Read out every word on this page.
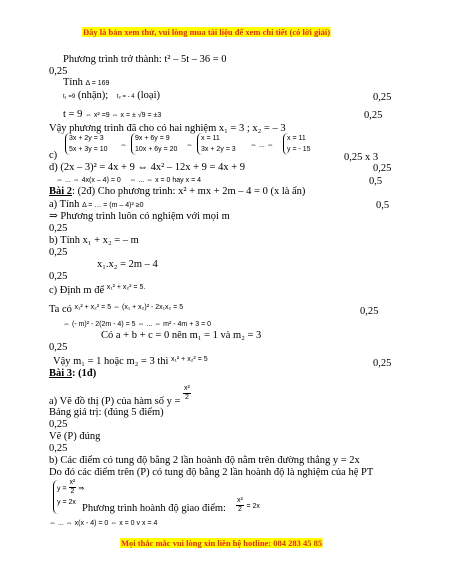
Đây là bản xem thử, vui lòng mua tài liệu để xem chi tiết (có lời giải)
Phương trình trở thành: t² – 5t – 36 = 0
0,25
Tính Δ = 169
t₁ =9 (nhận); t₂ = - 4 (loại)	0,25
t = 9 ⇔ x² =9 ⇔ x = ± √9 = ±3	0,25
Vậy phương trình đã cho có hai nghiệm x₁ = 3 ; x₂ = – 3
c)
3x + 2y = 3
5x + 3y = 10
⇔
9x + 6y = 9
10x + 6y = 20
⇔
x = 11
3x + 2y = 3
⇔ ... ⇔
x = 11
y = - 15
0,25 x 3
d) (2x – 3)² = 4x + 9 ⇔ 4x² – 12x + 9 = 4x + 9	0,25
⇔ ... ⇔ 4x(x – 4) = 0 ⇔ ... ⇔ x = 0 hay x = 4	0,5
Bài 2: (2đ) Cho phương trình: x² + mx + 2m – 4 = 0 (x là ẩn)
a) Tính Δ = … = (m – 4)² ≥0	0,5
⇒ Phương trình luôn có nghiệm với mọi m
0,25
b) Tính x₁ + x₂ = – m
0,25
x₁.x₂ = 2m – 4
0,25
c) Định m để $^{x_1^2 + x_2^2 = 5.}$
Ta có $^{x_1^2 + x_2^2 = 5 \Leftrightarrow (x_1 + x_2)^2 - 2x_1x_2 = 5}$	0,25
⇔ (- m)² - 2(2m - 4) = 5 ⇔ ... ⇔ m² - 4m + 3 = 0
Có a + b + c = 0 nên m₁ = 1 và m₂ = 3
0,25
Vậy m₁ = 1 hoặc m₂ = 3 thì $^{x_1^2 + x_2^2 = 5}$	0,25
Bài 3: (1đ)
a) Vẽ đồ thị (P) của hàm số $y = \frac{\text{x²}}{2}$
Bảng giá trị: (đúng 5 điểm)
0,25
Vẽ (P) đúng
0,25
b) Các điểm có tung độ bằng 2 lần hoành độ nằm trên đường thẳng y = 2x
Do đó các điểm trên (P) có tung độ bằng 2 lần hoành độ là nghiệm của hệ PT
$y = \frac{\text{x²}}{2}$ ⇒
y = 2x
Phương trình hoành độ giao điểm: $\frac{\text{x²}}{2} = 2x$
⇔ ... ⇔ x(x - 4) = 0 ⇔ x = 0 v x = 4
Mọi thắc mắc vui lòng xin liên hệ hotline: 084 283 45 85
